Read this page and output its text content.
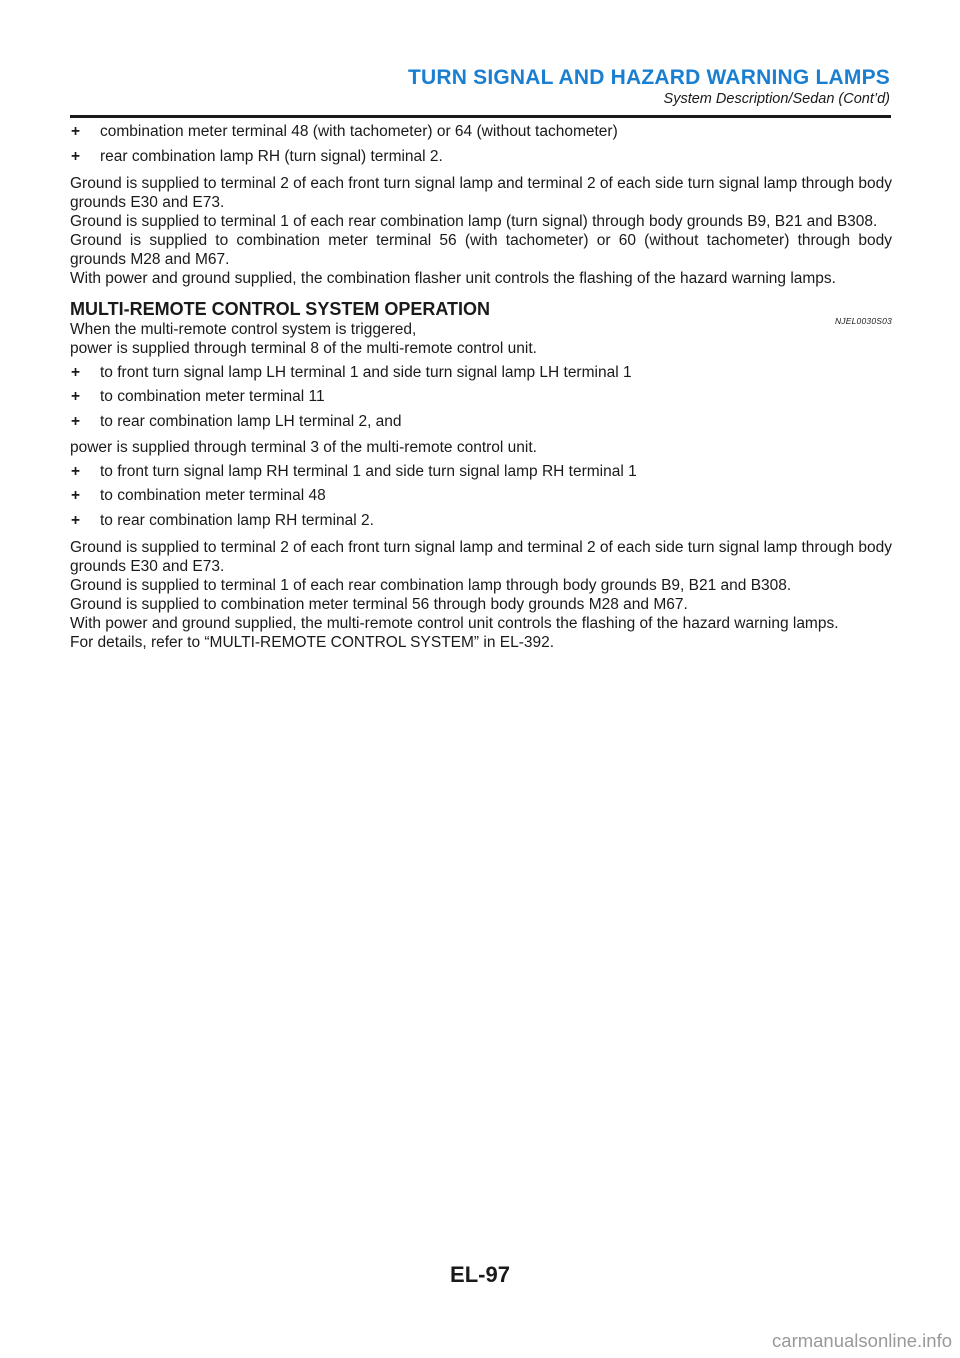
TURN SIGNAL AND HAZARD WARNING LAMPS
System Description/Sedan (Cont’d)
+ combination meter terminal 48 (with tachometer) or 64 (without tachometer)
+ rear combination lamp RH (turn signal) terminal 2.
Ground is supplied to terminal 2 of each front turn signal lamp and terminal 2 of each side turn signal lamp through body grounds E30 and E73.
Ground is supplied to terminal 1 of each rear combination lamp (turn signal) through body grounds B9, B21 and B308.
Ground is supplied to combination meter terminal 56 (with tachometer) or 60 (without tachometer) through body grounds M28 and M67.
With power and ground supplied, the combination flasher unit controls the flashing of the hazard warning lamps.
MULTI-REMOTE CONTROL SYSTEM OPERATION
NJEL0030S03
When the multi-remote control system is triggered,
power is supplied through terminal 8 of the multi-remote control unit.
+ to front turn signal lamp LH terminal 1 and side turn signal lamp LH terminal 1
+ to combination meter terminal 11
+ to rear combination lamp LH terminal 2, and
power is supplied through terminal 3 of the multi-remote control unit.
+ to front turn signal lamp RH terminal 1 and side turn signal lamp RH terminal 1
+ to combination meter terminal 48
+ to rear combination lamp RH terminal 2.
Ground is supplied to terminal 2 of each front turn signal lamp and terminal 2 of each side turn signal lamp through body grounds E30 and E73.
Ground is supplied to terminal 1 of each rear combination lamp through body grounds B9, B21 and B308.
Ground is supplied to combination meter terminal 56 through body grounds M28 and M67.
With power and ground supplied, the multi-remote control unit controls the flashing of the hazard warning lamps.
For details, refer to “MULTI-REMOTE CONTROL SYSTEM” in EL-392.
EL-97
carmanualsonline.info
